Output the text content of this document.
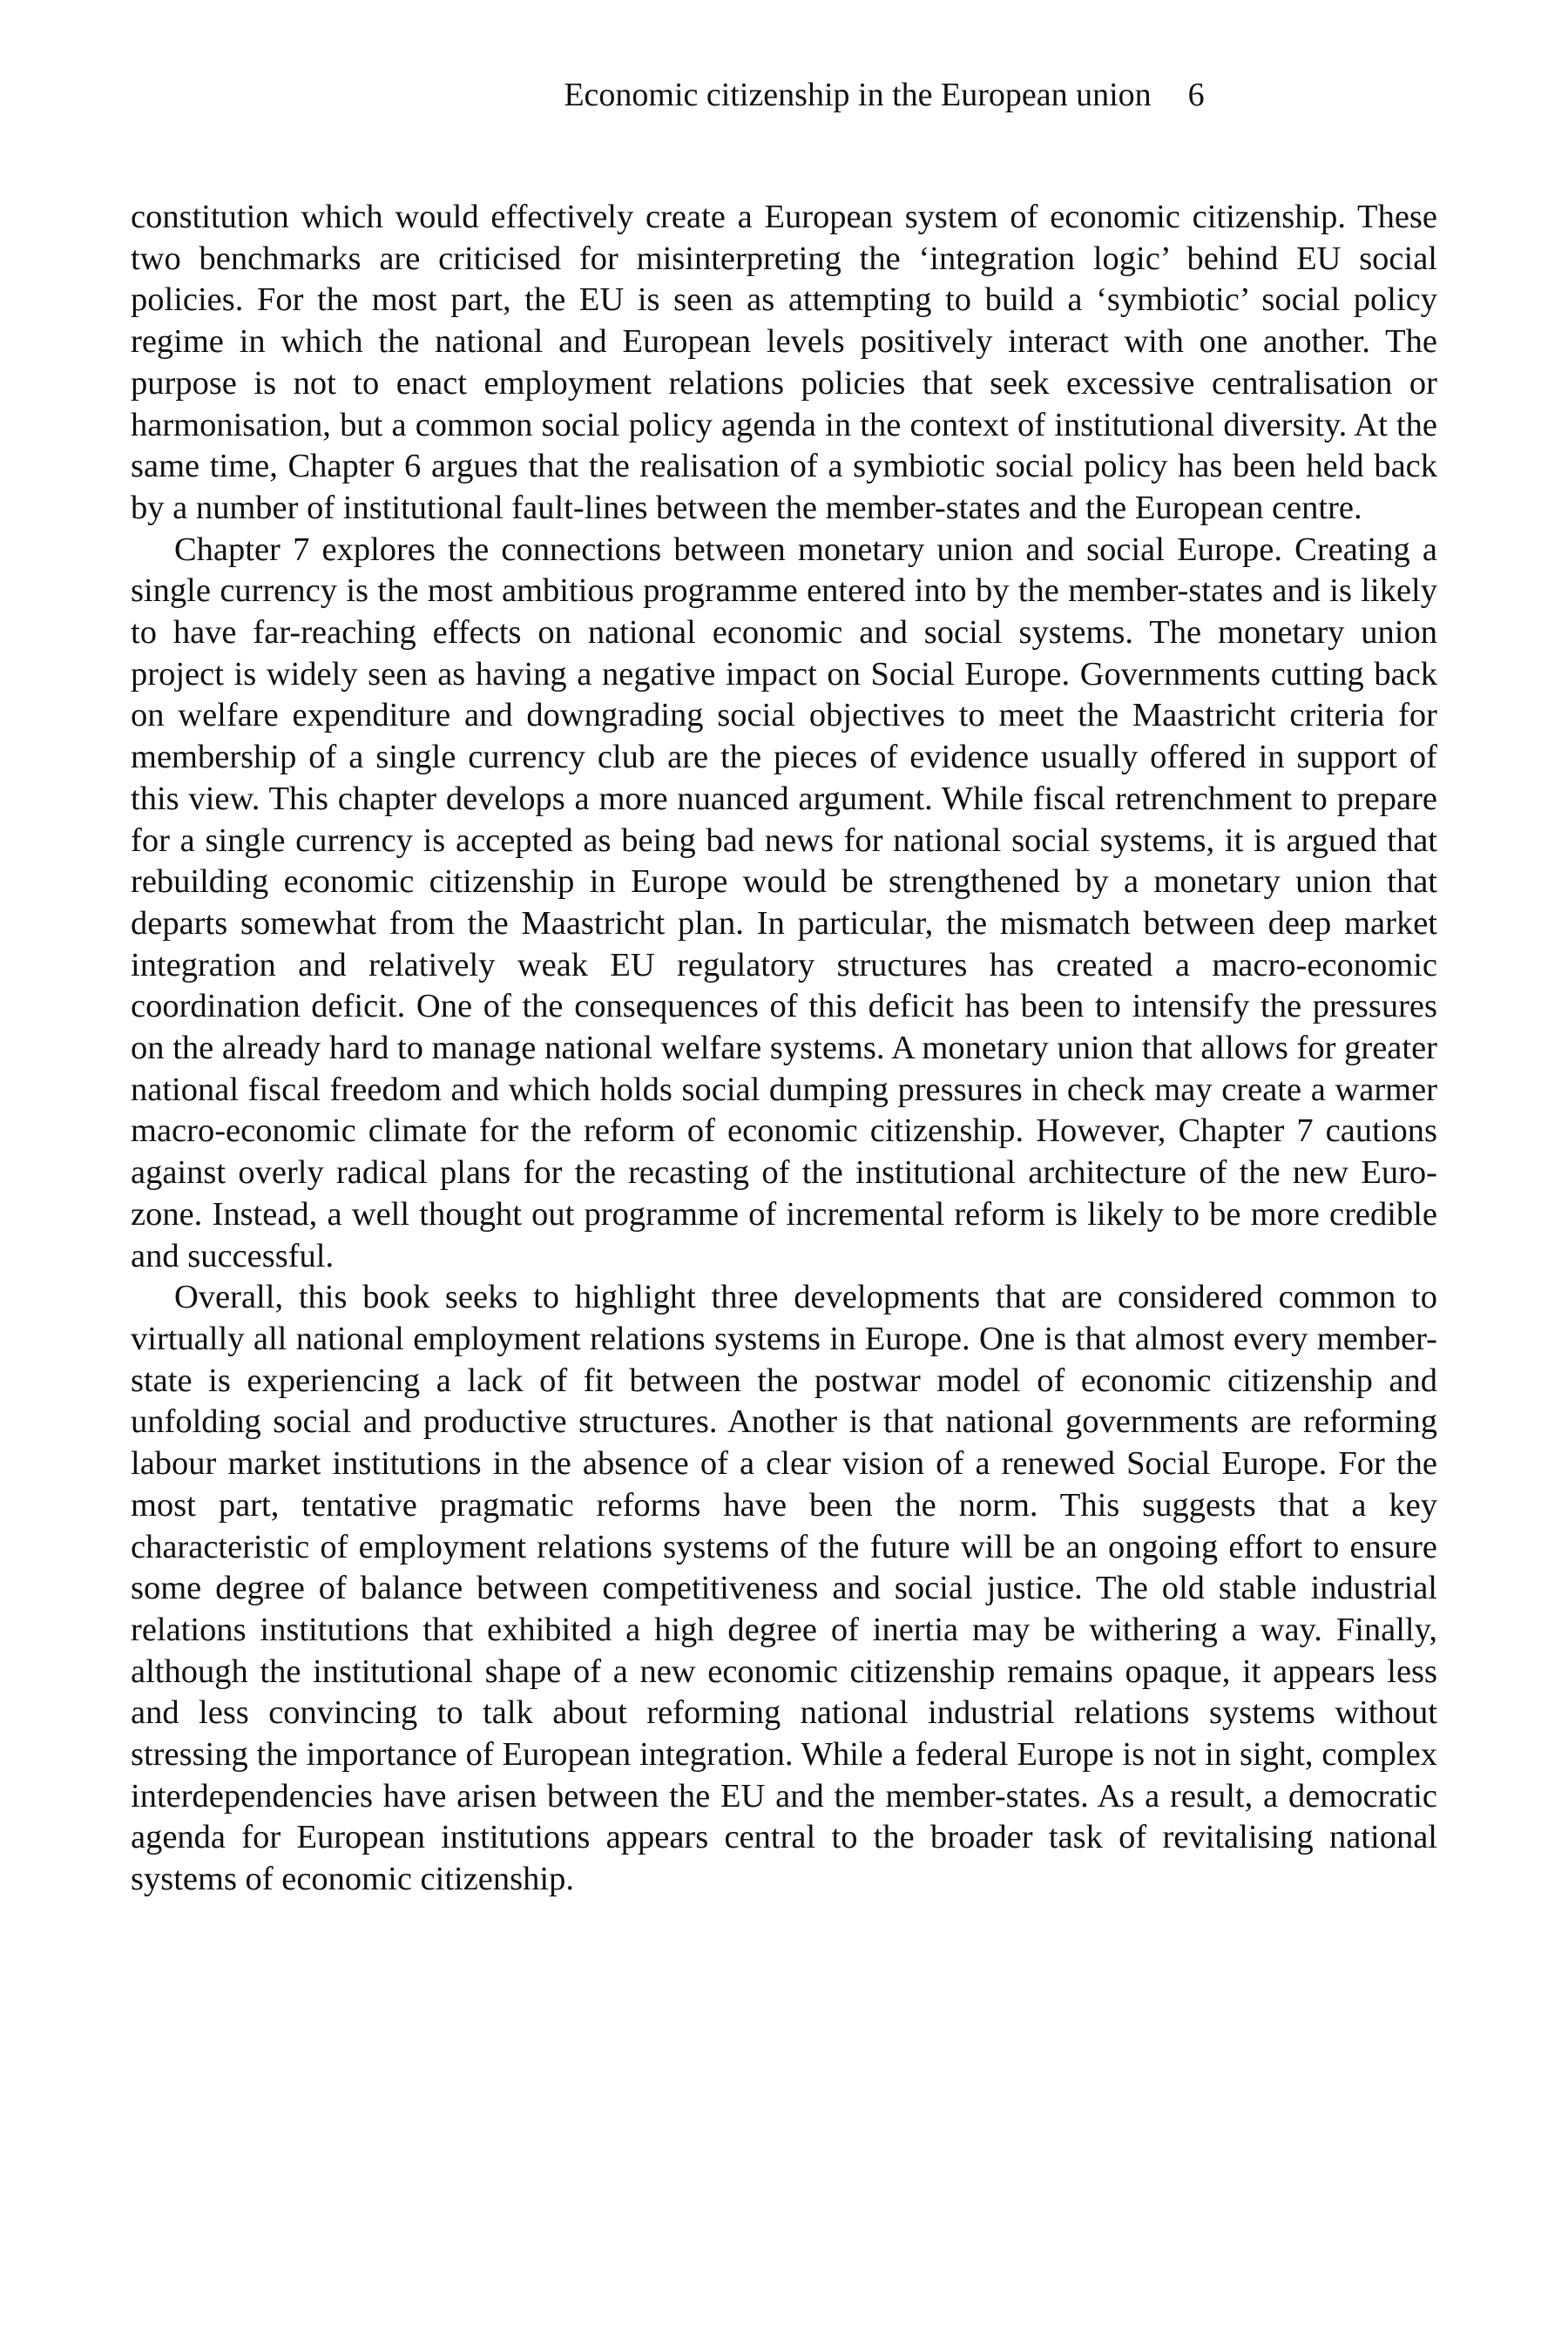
Economic citizenship in the European union 6

constitution which would effectively create a European system of economic citizenship. These two benchmarks are criticised for misinterpreting the ‘integration logic’ behind EU social policies. For the most part, the EU is seen as attempting to build a ‘symbiotic’ social policy regime in which the national and European levels positively interact with one another. The purpose is not to enact employment relations policies that seek excessive centralisation or harmonisation, but a common social policy agenda in the context of institutional diversity. At the same time, Chapter 6 argues that the realisation of a symbiotic social policy has been held back by a number of institutional fault-lines between the member-states and the European centre.

Chapter 7 explores the connections between monetary union and social Europe. Creating a single currency is the most ambitious programme entered into by the member-states and is likely to have far-reaching effects on national economic and social systems. The monetary union project is widely seen as having a negative impact on Social Europe. Governments cutting back on welfare expenditure and downgrading social objectives to meet the Maastricht criteria for membership of a single currency club are the pieces of evidence usually offered in support of this view. This chapter develops a more nuanced argument. While fiscal retrenchment to prepare for a single currency is accepted as being bad news for national social systems, it is argued that rebuilding economic citizenship in Europe would be strengthened by a monetary union that departs somewhat from the Maastricht plan. In particular, the mismatch between deep market integration and relatively weak EU regulatory structures has created a macro-economic coordination deficit. One of the consequences of this deficit has been to intensify the pressures on the already hard to manage national welfare systems. A monetary union that allows for greater national fiscal freedom and which holds social dumping pressures in check may create a warmer macro-economic climate for the reform of economic citizenship. However, Chapter 7 cautions against overly radical plans for the recasting of the institutional architecture of the new Euro-zone. Instead, a well thought out programme of incremental reform is likely to be more credible and successful.

Overall, this book seeks to highlight three developments that are considered common to virtually all national employment relations systems in Europe. One is that almost every member-state is experiencing a lack of fit between the postwar model of economic citizenship and unfolding social and productive structures. Another is that national governments are reforming labour market institutions in the absence of a clear vision of a renewed Social Europe. For the most part, tentative pragmatic reforms have been the norm. This suggests that a key characteristic of employment relations systems of the future will be an ongoing effort to ensure some degree of balance between competitiveness and social justice. The old stable industrial relations institutions that exhibited a high degree of inertia may be withering a way. Finally, although the institutional shape of a new economic citizenship remains opaque, it appears less and less convincing to talk about reforming national industrial relations systems without stressing the importance of European integration. While a federal Europe is not in sight, complex interdependencies have arisen between the EU and the member-states. As a result, a democratic agenda for European institutions appears central to the broader task of revitalising national systems of economic citizenship.
